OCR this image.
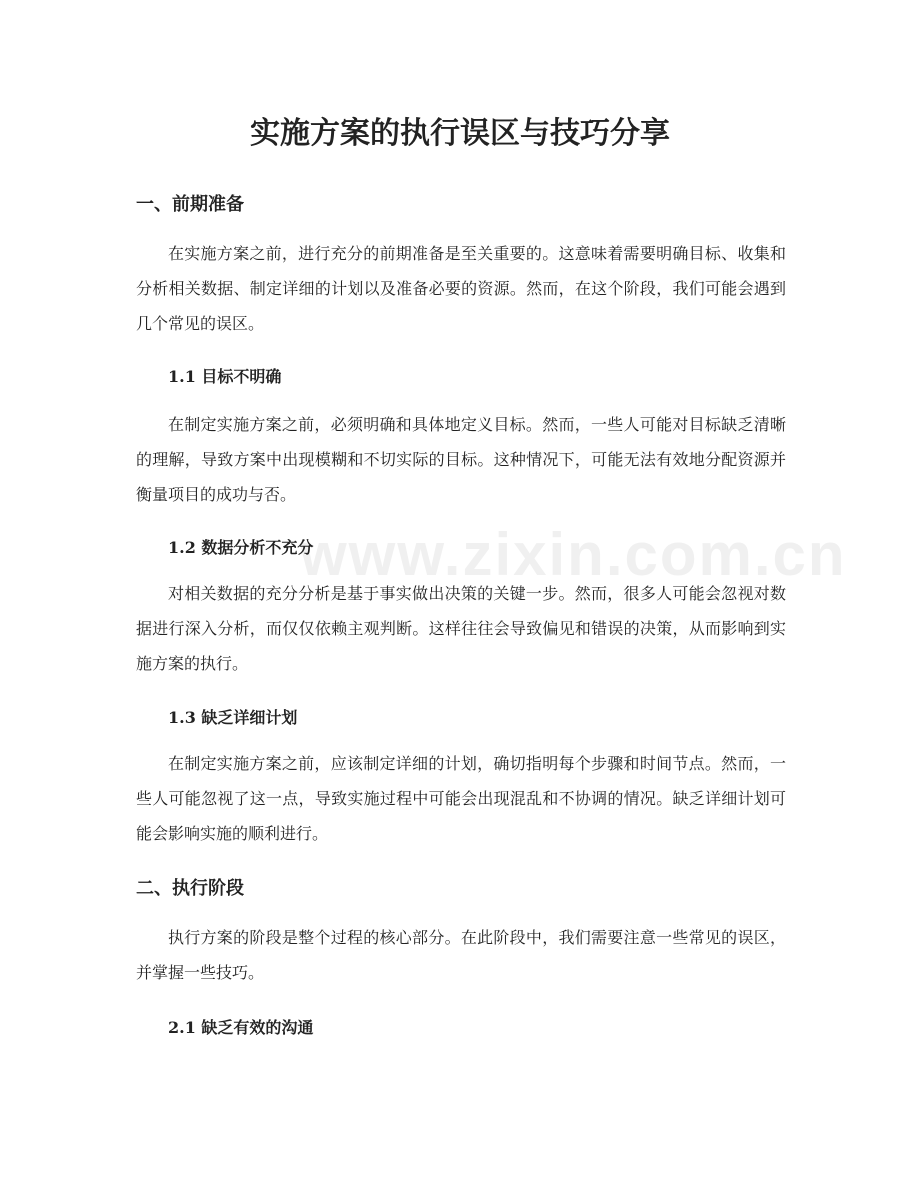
www.zixin.com.cn
实施方案的执行误区与技巧分享
一、前期准备

在实施方案之前，进行充分的前期准备是至关重要的。这意味着需要明确目标、收集和分析相关数据、制定详细的计划以及准备必要的资源。然而，在这个阶段，我们可能会遇到几个常见的误区。

1.1 目标不明确

在制定实施方案之前，必须明确和具体地定义目标。然而，一些人可能对目标缺乏清晰的理解，导致方案中出现模糊和不切实际的目标。这种情况下，可能无法有效地分配资源并衡量项目的成功与否。

1.2 数据分析不充分

对相关数据的充分分析是基于事实做出决策的关键一步。然而，很多人可能会忽视对数据进行深入分析，而仅仅依赖主观判断。这样往往会导致偏见和错误的决策，从而影响到实施方案的执行。

1.3 缺乏详细计划

在制定实施方案之前，应该制定详细的计划，确切指明每个步骤和时间节点。然而，一些人可能忽视了这一点，导致实施过程中可能会出现混乱和不协调的情况。缺乏详细计划可能会影响实施的顺利进行。

二、执行阶段

执行方案的阶段是整个过程的核心部分。在此阶段中，我们需要注意一些常见的误区，并掌握一些技巧。

2.1 缺乏有效的沟通
